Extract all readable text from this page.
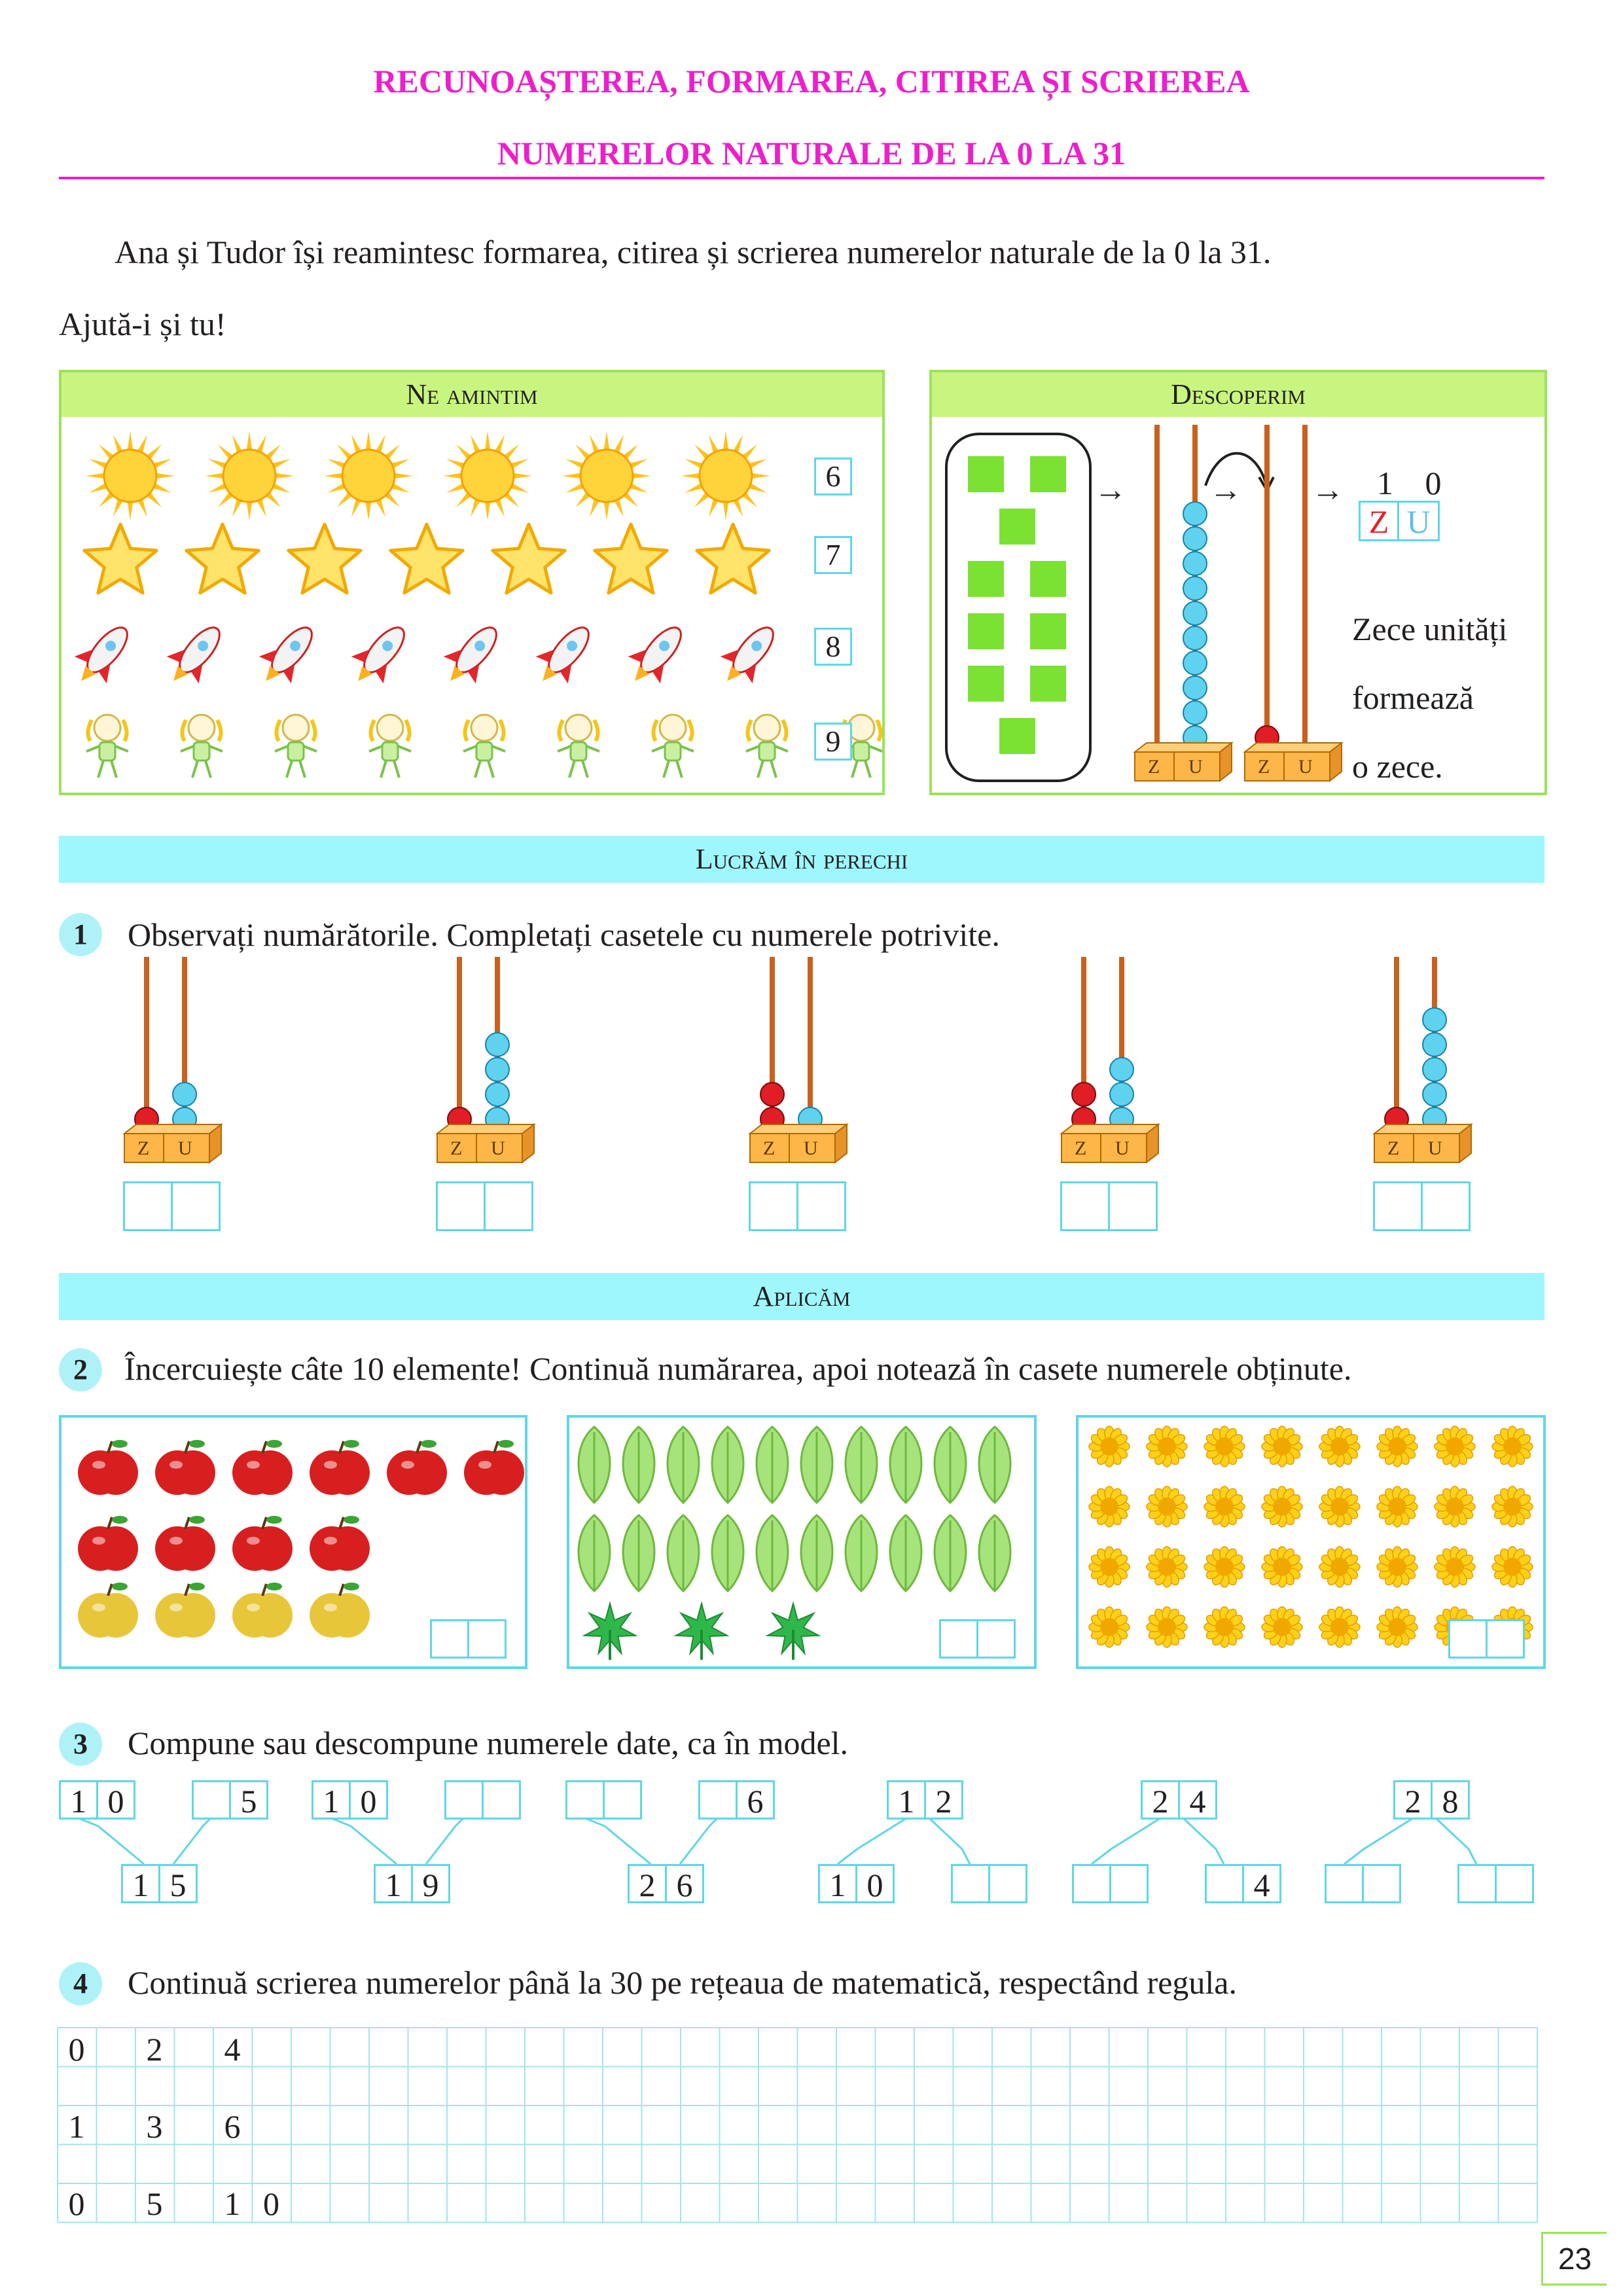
RECUNOAȘTEREA, FORMAREA, CITIREA ȘI SCRIEREA
NUMERELOR NATURALE DE LA 0 LA 31
Ana și Tudor își reamintesc formarea, citirea și scrierea numerelor naturale de la 0 la 31.
Ajută-i și tu!
Ne amintim
6
7
8
9
Descoperim
Z U	Z U
→	→ → 1 0
Z U
Zece unități
formează
o zece.
Lucrăm în perechi
1	Observați numărătorile. Completați casetele cu numerele potrivite.
Z U	Z U	Z U	Z U	Z U
Aplicăm
2	Încercuiește câte 10 elemente! Continuă numărarea, apoi notează în casete numerele obținute.
3	Compune sau descompune numerele date, ca în model.
1 0	5
1 5
1 0
1 9
6
2 6
1 2
1 0
2 4
4
2 8
4	Continuă scrierea numerelor până la 30 pe rețeaua de matematică, respectând regula.
0	2	4
1	3	6
0	5	1 0
23
